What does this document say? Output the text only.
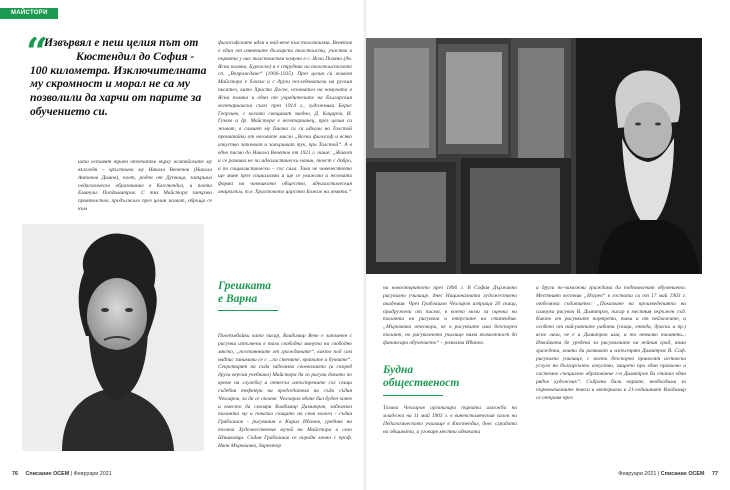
МАЙСТОРИ
“
Извървял е пеш целия път от
Кюстендил до София -
100 километра. Изключителната
му скромност и морал не са му
позволили да харчи от парите за
обучението си.
што оставят траен отпечатък върху житейските му възгледи – връстника му Никола Венетов (Никола Антонов Димов), поет, роден от Дупница, завършил педагогическо образование в Кюстендил, и поета Емануил Попдимитров. С тях Майстора завързва приятелство, продължило през целия живот, обръщо се към
философските идеи и най-вече към толстоизма. Венетов е един от изявените български толстоисти, участва в първата у нас толстоистка комуна в с. Ясна Поляна (дн. Ясна поляна, Бургаско) и е струдник на толстоистското сп. „Възраждане“ (1906-1935). През целия си живот Майстора е близък и с други последователи на руския писател, като Христо Досев, основател на комуната в Ясна поляна и един от учредителите на Българския вегетариански съюз през 1914 г., художника Борис Георгиев, с когото свещават заедно, Д. Кацаров, И. Гузкев и др. Майстора е вегетарианец, през целия си живот, а самият му близки си са идеали на Толстой прочитайки от неговите мисли „Всеки философ и всяко изкуство започват и завършват тук, при Толстой“. А в едно писмо до Никола Венетов от 1921 г. пише: „Живот и се развива не по идеалистически начин, тоест с добро, а по социалистически – със сила. Така че човечеството ще мине през социализма и ще се уважава и неговата форма на човешкото общество, идеалистическия анархизъм, т.е. Христовото царство Божие на земята.“
Грешката
е Варна
Поотъвбайки като писар, Владимир Вече е запомнен с рисунки изпълнени в тази свободна минута на свободно място, „постоянните от гражданите“, както под сам надпис занимава се с ...по стените, вратите и буквите“. Секретарят на съда забелязва своеволието (а според друга версия учебника) Майстора да го рисува докато по време на служба) и отнесъл изпъстрените със скици съдебни тефтери на председателя на съда съдия Чехларов, за да се оплаче. Чехларов обаче бил буден човек и вместо да смъмри Владимир Димитров, забелязал таланта му и показал скиците на своя колега - съдия Граблашов - рисувания в Кирил Ибанов, уредник на тогава Художествения музей на Майстора в село Шишковци. Съдия Граблашов се поради лично с проф. Иван Мърквичка, директор
на новооткритото през 1896 г. В София Държавно рисувално училище, днес Националната художествена академия. Чрез Граблашов Чехларов изпраща 20 скици, придружени от писмо, в което моли за оценка на таланта на рисувача и отпускане на стипендия. „Мърквичка отговори, че в рисунките има безспорен талант, но рисувалното училище няма възможност да финансира обучението“ – разказва Ибанов.
Будна
общественост
Тогава Чехларов организира първата изложба на младежа на 11 май 1903 г. в винекстаменския салон на Педагогическото училище в Кюстендил, днес сградата на общината, и уговаря местни адвокати
и други по-заможни граждани да подпомогнат обучението. Местният вестник „Изгрев“ в гостата си от 17 май 1903 г. отбелязва събитието: „Показване на произведенията на самоука рисувач В. Димитров, писар в местния окръжен съд. Както от рисунките портрети, така и от пейзажите, и особено от най-ранните работи (скици, етюди, драски и пр.) ясно личи, че е и Димитров има, и то немалко таланти... Изкойвата бе уредена за рисувалните на нейния град, няма граждани, които да развиват и изпъстрят Димитров В. Соф. рисувално училище, с което безспорно приносят истинска услуга на българското изкуство, защото при един правилно и системно специално образование г-н Димитров би станал един рядък художник“. Събрани били парите, необходими за първоначалните такси и материали и 21-годишният Владимир се отправя през
76 Списание ОСЕМ | Февруари 2021	Февруари 2021 | Списание ОСЕМ 77
